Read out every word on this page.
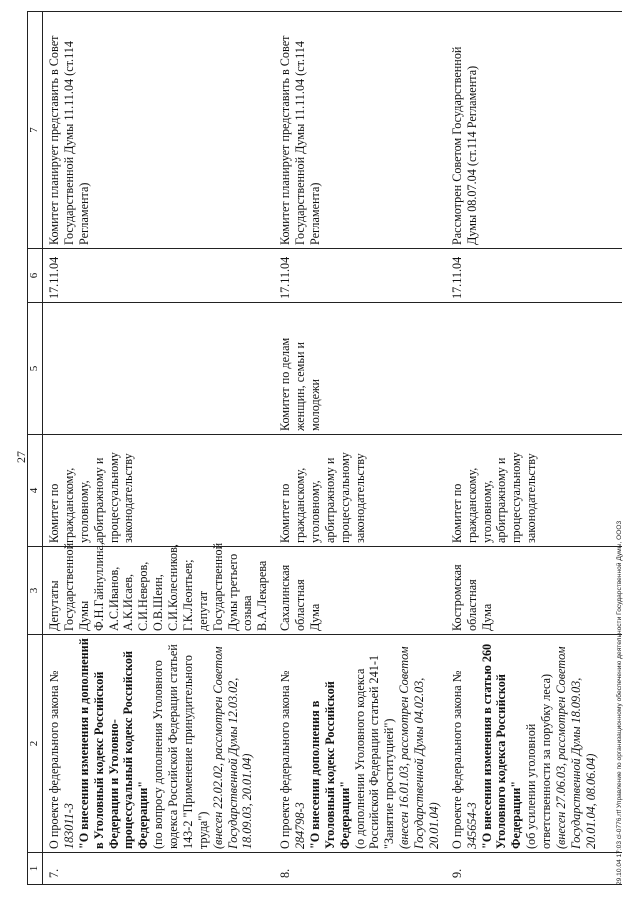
27
1	2	3	4	5	6	7
7.	О проекте федерального закона № 183011-3 "О внесении изменения и дополнений в Уголовный кодекс Российской Федерации и Уголовно-процессуальный кодекс Российской Федерации" (по вопросу дополнения Уголовного кодекса Российской Федерации статьей 143-2 "Применение принудительного труда") (внесен 22.02.02, рассмотрен Советом Государственной Думы 12.03.02, 18.09.03, 20.01.04)	Депутаты Государственной Думы Ф.Н.Гайнуллина, А.С.Иванов, А.К.Исаев, С.И.Неверов, О.В.Шеин, С.И.Колесников, Г.К.Леонтьев; депутат Государственной Думы третьего созыва В.А.Лекарева	Комитет по гражданскому, уголовному, арбитражному и процессуальному законодательству		17.11.04	Комитет планирует представить в Совет Государственной Думы 11.11.04 (ст.114 Регламента)
8.	О проекте федерального закона № 284798-3 "О внесении дополнения в Уголовный кодекс Российской Федерации" (о дополнении Уголовного кодекса Российской Федерации статьей 241-1 "Занятие проституцией") (внесен 16.01.03, рассмотрен Советом Государственной Думы 04.02.03, 20.01.04)	Сахалинская областная Дума	Комитет по гражданскому, уголовному, арбитражному и процессуальному законодательству	Комитет по делам женщин, семьи и молодежи	17.11.04	Комитет планирует представить в Совет Государственной Думы 11.11.04 (ст.114 Регламента)
9.	О проекте федерального закона № 345654-3 "О внесении изменения в статью 260 Уголовного кодекса Российской Федерации" (об усилении уголовной ответственности за порубку леса) (внесен 27.06.03, рассмотрен Советом Государственной Думы 18.09.03, 20.01.04, 08.06.04)	Костромская областная Дума	Комитет по гражданскому, уголовному, арбитражному и процессуальному законодательству		17.11.04	Рассмотрен Советом Государственной Думы 08.07.04 (ст.114 Регламента)
29.10.04 17:03 cl-0776.rtf Управление по организационному обеспечению деятельности Государственной Думы, ООО3
